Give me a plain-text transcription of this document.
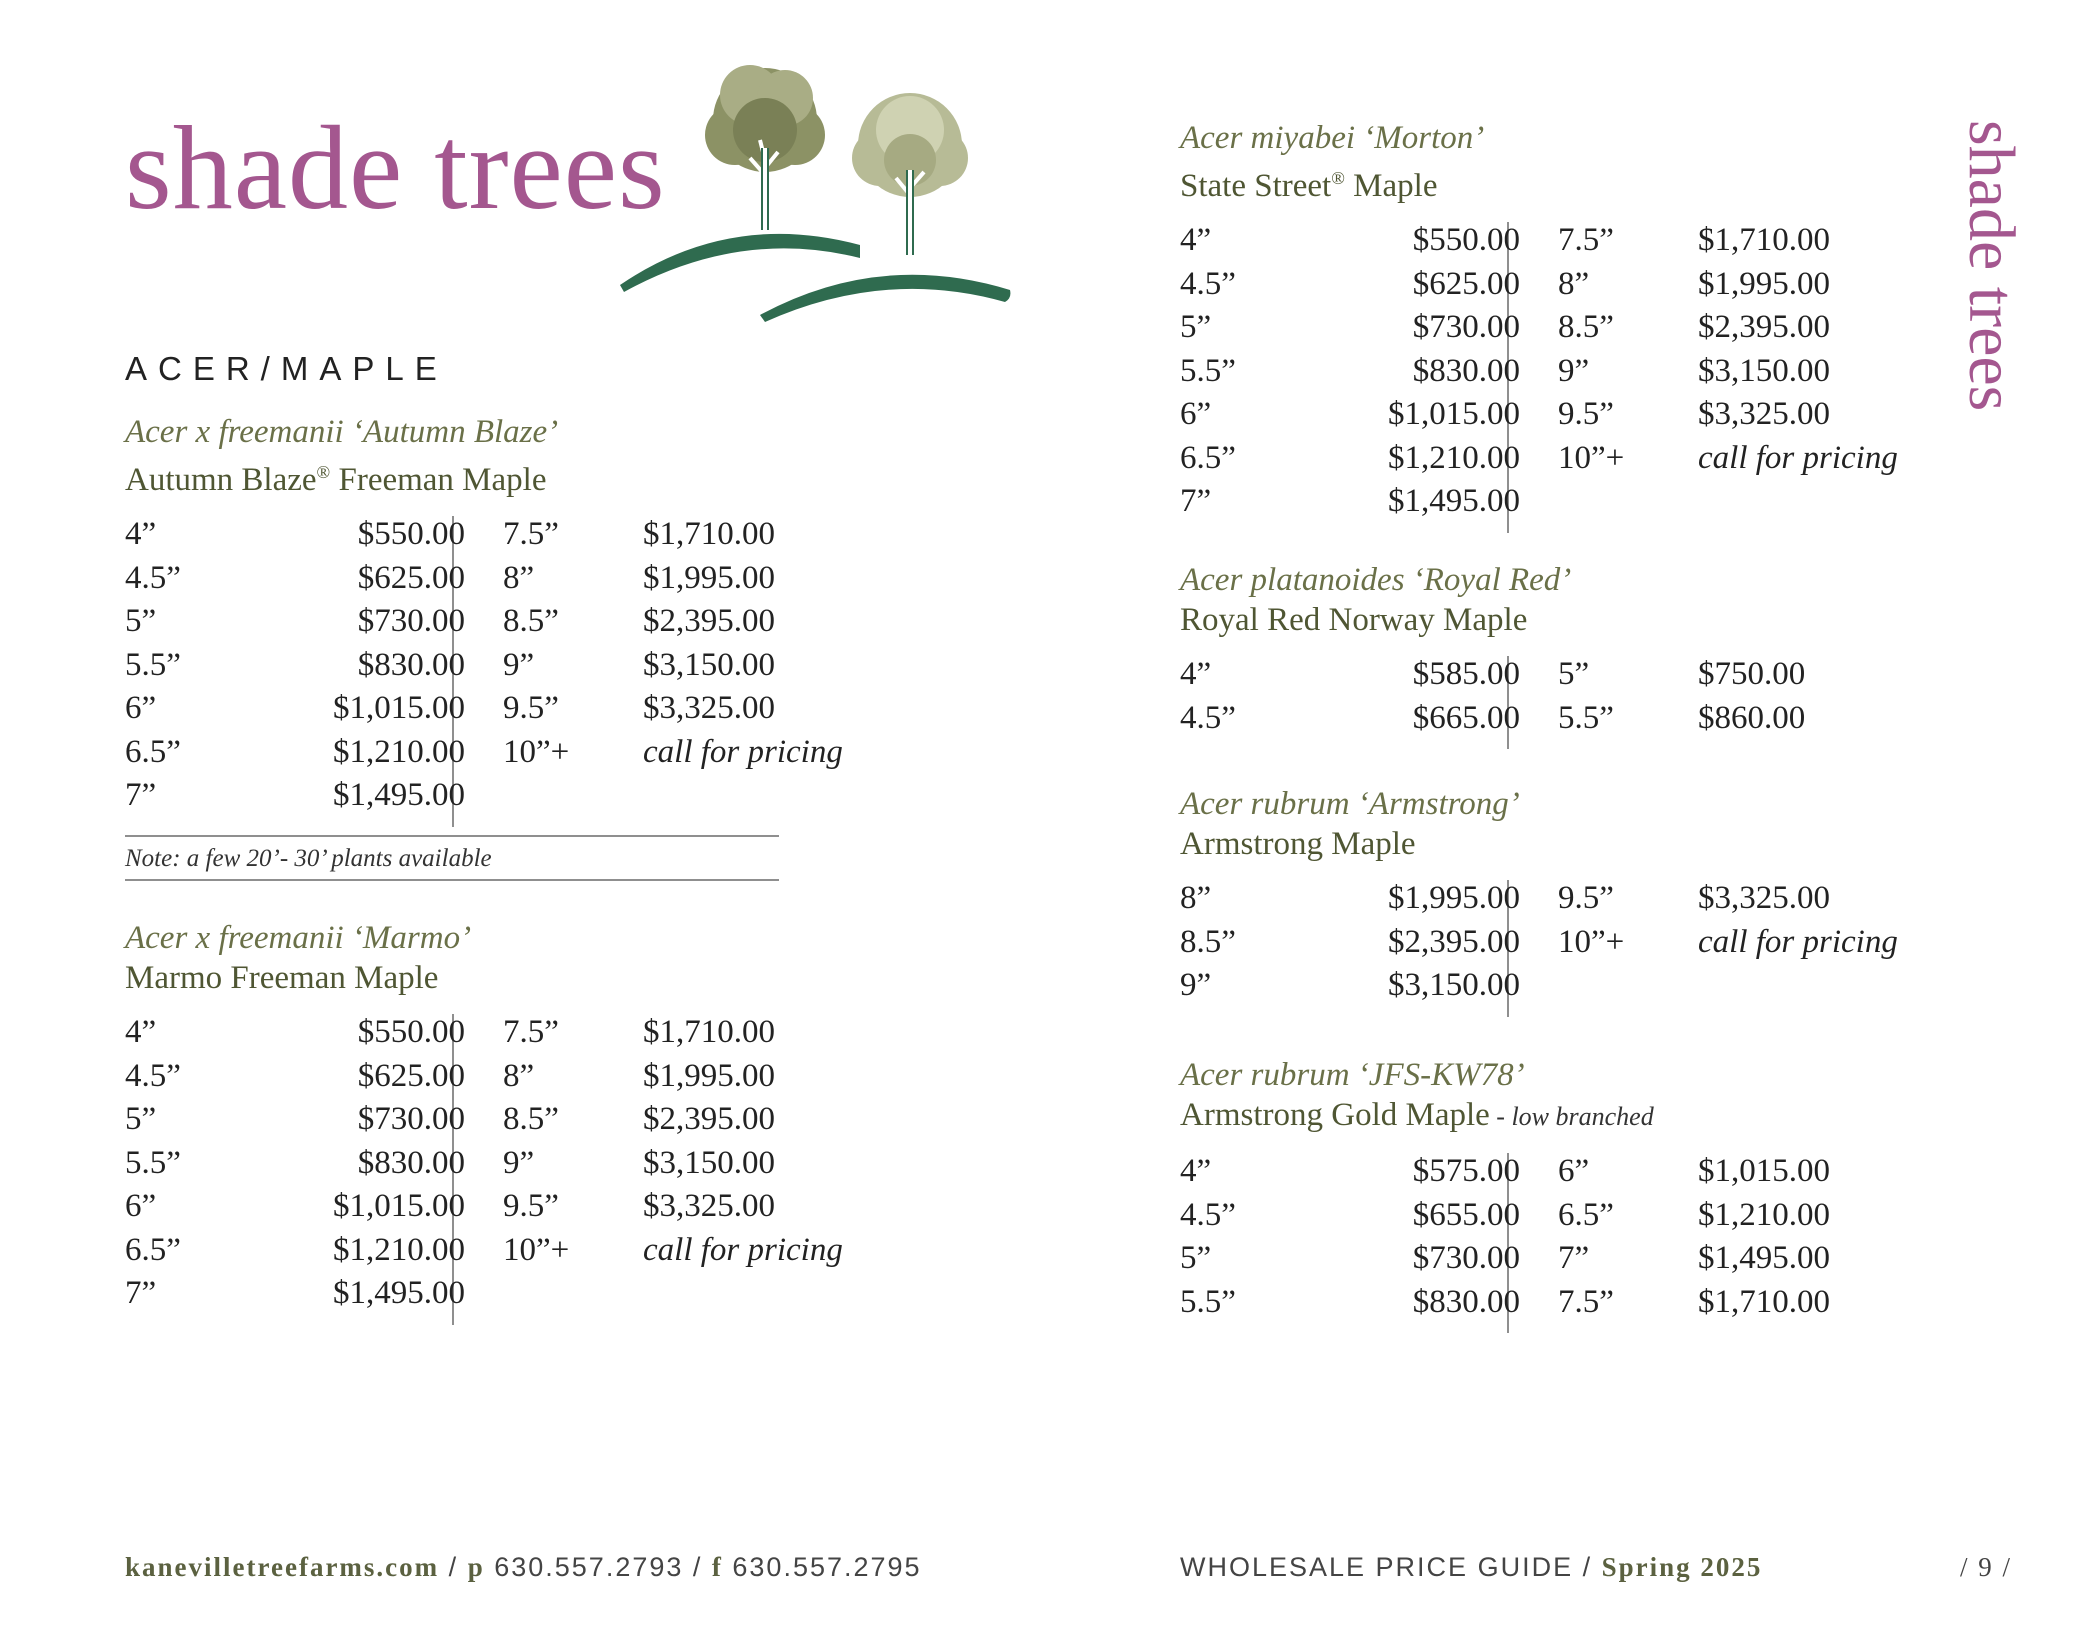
shade trees
ACER/MAPLE
Acer x freemanii ‘Autumn Blaze’
Autumn Blaze® Freeman Maple
4”	$550.00 7.5”	$1,710.00
4.5”	$625.00 8”	$1,995.00
5”	$730.00 8.5”	$2,395.00
5.5”	$830.00 9”	$3,150.00
6”	$1,015.00 9.5”	$3,325.00
6.5”	$1,210.00 10”+ call for pricing
7”	$1,495.00
Note: a few 20’- 30’ plants available
Acer x freemanii ‘Marmo’
Marmo Freeman Maple
4”	$550.00 7.5”	$1,710.00
4.5”	$625.00 8”	$1,995.00
5”	$730.00 8.5”	$2,395.00
5.5”	$830.00 9”	$3,150.00
6”	$1,015.00 9.5”	$3,325.00
6.5”	$1,210.00 10”+ call for pricing
7”	$1,495.00
Acer miyabei ‘Morton’
State Street® Maple
4”	$550.00 7.5”	$1,710.00
4.5”	$625.00 8”	$1,995.00
5”	$730.00 8.5”	$2,395.00
5.5”	$830.00 9”	$3,150.00
6”	$1,015.00 9.5”	$3,325.00
6.5”	$1,210.00 10”+ call for pricing
7”	$1,495.00
Acer platanoides ‘Royal Red’
Royal Red Norway Maple
4”	$585.00 5”	$750.00
4.5”	$665.00 5.5”	$860.00
Acer rubrum ‘Armstrong’
Armstrong Maple
8”	$1,995.00 9.5”	$3,325.00
8.5”	$2,395.00 10”+ call for pricing
9”	$3,150.00
Acer rubrum ‘JFS-KW78’
Armstrong Gold Maple - low branched
4”	$575.00 6”	$1,015.00
4.5”	$655.00 6.5”	$1,210.00
5”	$730.00 7”	$1,495.00
5.5”	$830.00 7.5”	$1,710.00
shade trees
kanevilletreefarms.com / p 630.557.2793 / f 630.557.2795	WHOLESALE PRICE GUIDE / Spring 2025	/ 9 /
